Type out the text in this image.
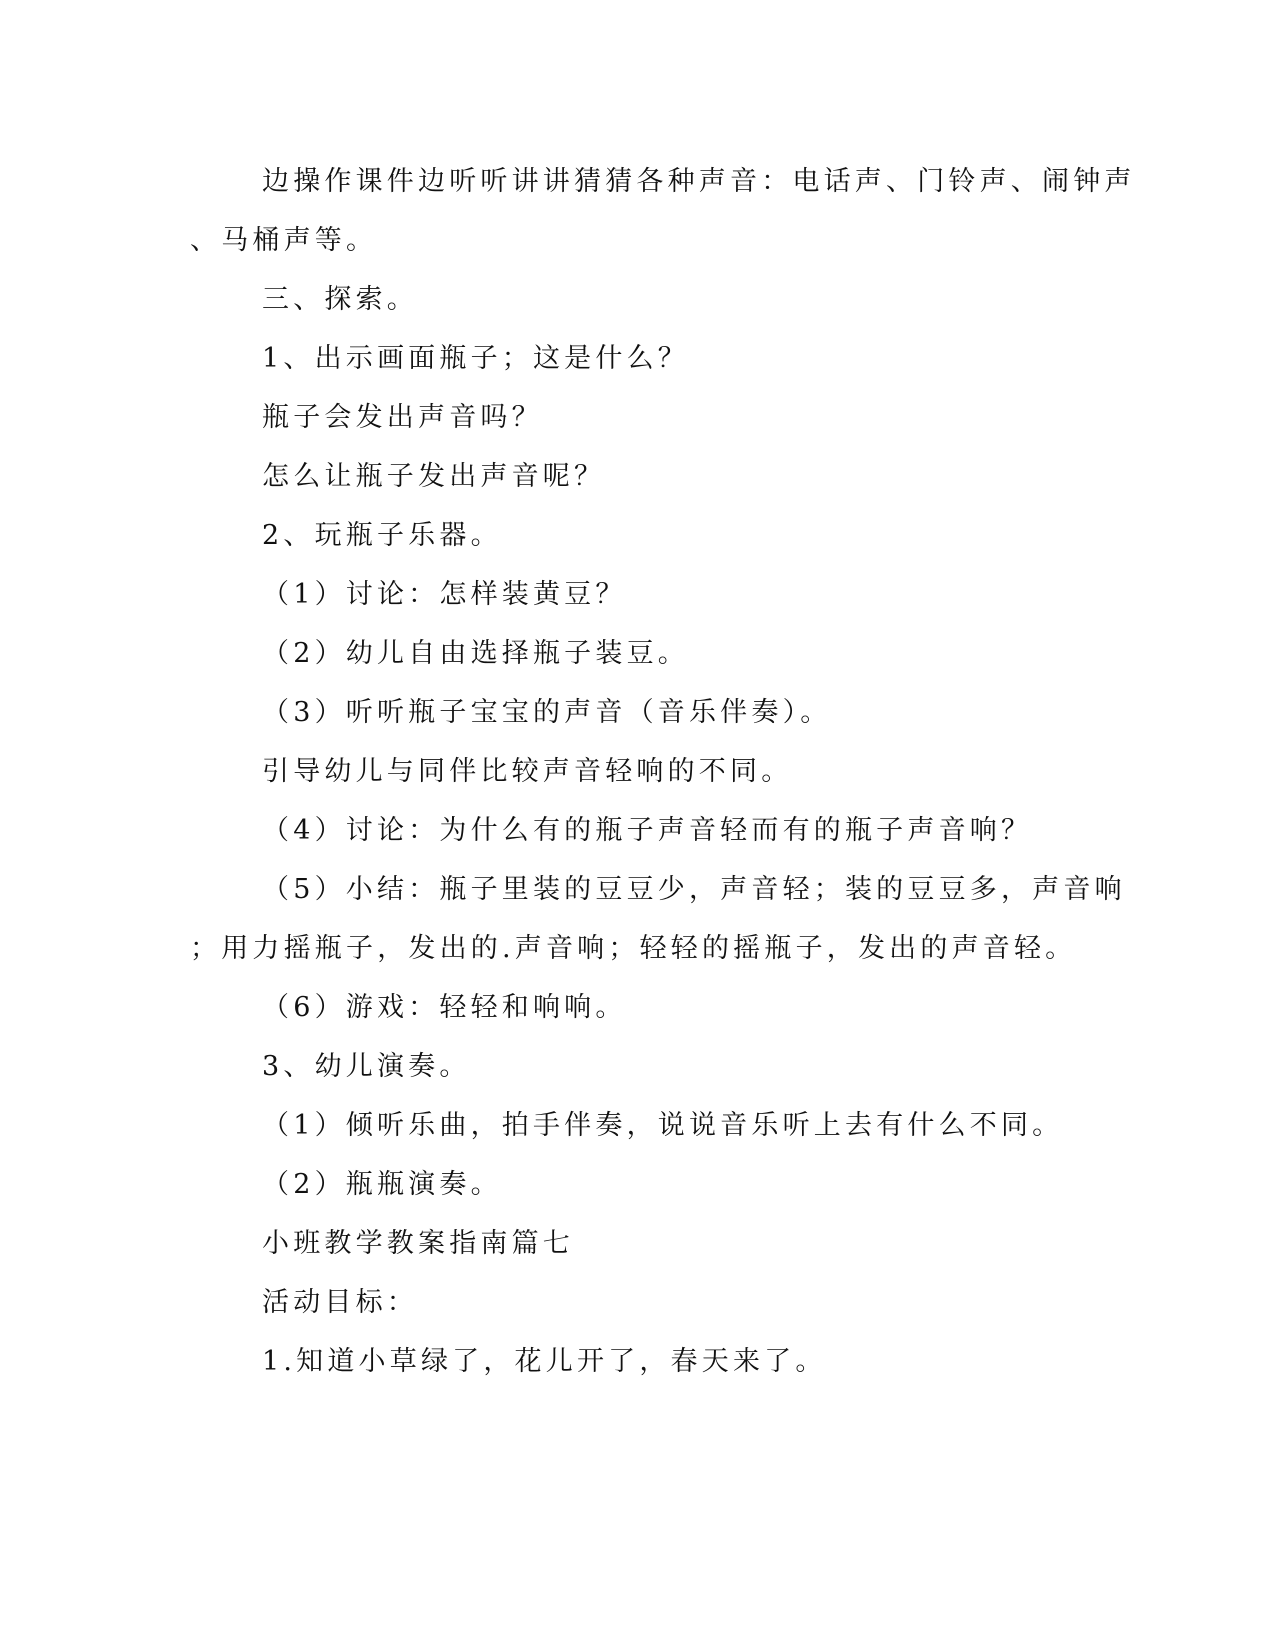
边操作课件边听听讲讲猜猜各种声音：电话声、门铃声、闹钟声
、马桶声等。
三、探索。
1、出示画面瓶子；这是什么？
瓶子会发出声音吗？
怎么让瓶子发出声音呢？
2、玩瓶子乐器。
（1）讨论：怎样装黄豆？
（2）幼儿自由选择瓶子装豆。
（3）听听瓶子宝宝的声音（音乐伴奏）。
引导幼儿与同伴比较声音轻响的不同。
（4）讨论：为什么有的瓶子声音轻而有的瓶子声音响？
（5）小结：瓶子里装的豆豆少，声音轻；装的豆豆多，声音响
；用力摇瓶子，发出的.声音响；轻轻的摇瓶子，发出的声音轻。
（6）游戏：轻轻和响响。
3、幼儿演奏。
（1）倾听乐曲，拍手伴奏，说说音乐听上去有什么不同。
（2）瓶瓶演奏。
小班教学教案指南篇七
活动目标：
1.知道小草绿了，花儿开了，春天来了。
